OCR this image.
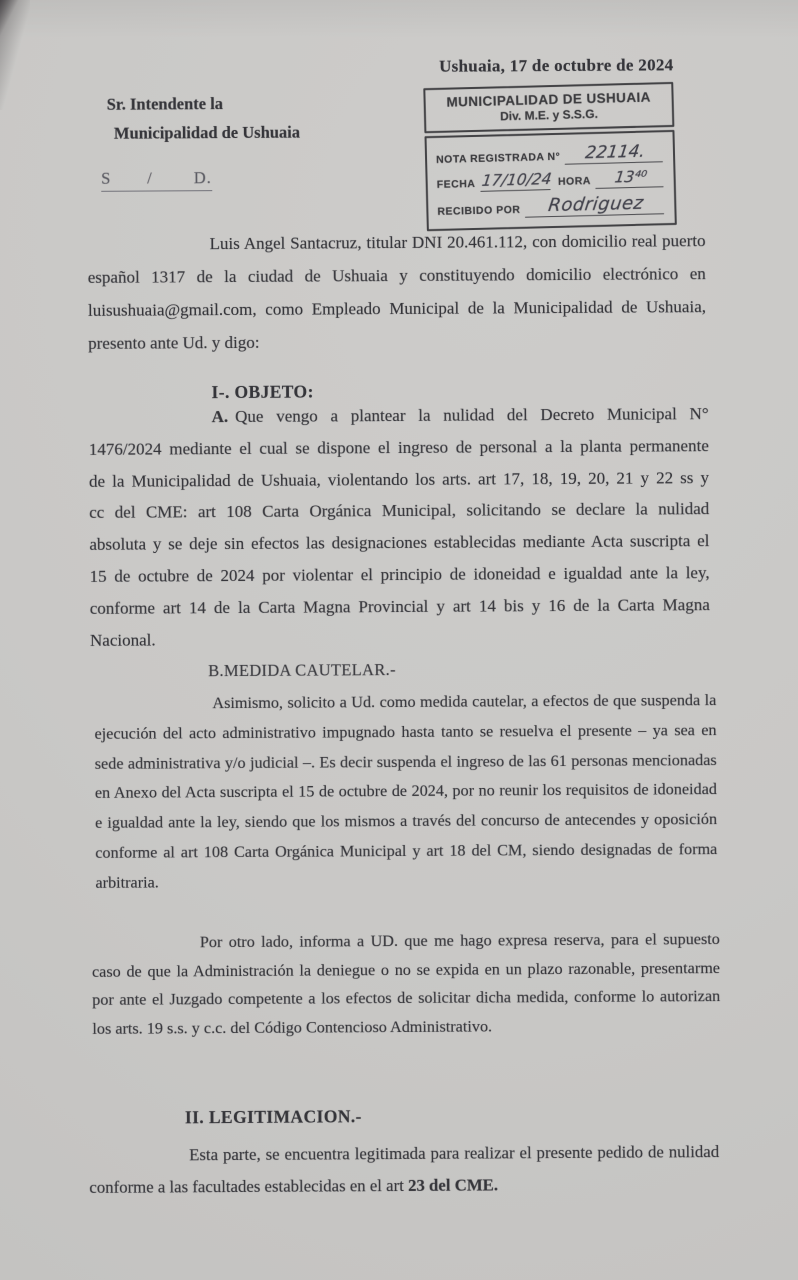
Ushuaia, 17 de octubre de 2024
Sr. Intendente la
Municipalidad de Ushuaia
MUNICIPALIDAD DE USHUAIA
Div. M.E. y S.S.G.
NOTA REGISTRADA N°	22114.
FECHA 17/10/24 HORA	13⁴⁰
RECIBIDO POR	Rodriguez
S       /        D.

Luis Angel Santacruz, titular DNI 20.461.112, con domicilio real puerto español 1317 de la ciudad de Ushuaia y constituyendo domicilio electrónico en luisushuaia@gmail.com, como Empleado Municipal de la Municipalidad de Ushuaia, presento ante Ud. y digo:

I-. OBJETO:

A. Que vengo a plantear la nulidad del Decreto Municipal N° 1476/2024 mediante el cual se dispone el ingreso de personal a la planta permanente de la Municipalidad de Ushuaia, violentando los arts. art 17, 18, 19, 20, 21 y 22 ss y cc del CME: art 108 Carta Orgánica Municipal, solicitando se declare la nulidad absoluta y se deje sin efectos las designaciones establecidas mediante Acta suscripta el 15 de octubre de 2024 por violentar el principio de idoneidad e igualdad ante la ley, conforme art 14 de la Carta Magna Provincial y art 14 bis y 16 de la Carta Magna Nacional.

B.MEDIDA CAUTELAR.-

Asimismo, solicito a Ud. como medida cautelar, a efectos de que suspenda la ejecución del acto administrativo impugnado hasta tanto se resuelva el presente – ya sea en sede administrativa y/o judicial –. Es decir suspenda el ingreso de las 61 personas mencionadas en Anexo del Acta suscripta el 15 de octubre de 2024, por no reunir los requisitos de idoneidad e igualdad ante la ley, siendo que los mismos a través del concurso de antecendes y oposición conforme al art 108 Carta Orgánica Municipal y art 18 del CM, siendo designadas de forma arbitraria.

Por otro lado, informa a UD. que me hago expresa reserva, para el supuesto caso de que la Administración la deniegue o no se expida en un plazo razonable, presentarme por ante el Juzgado competente a los efectos de solicitar dicha medida, conforme lo autorizan los arts. 19 s.s. y c.c. del Código Contencioso Administrativo.

II. LEGITIMACION.-

Esta parte, se encuentra legitimada para realizar el presente pedido de nulidad conforme a las facultades establecidas en el art 23 del CME.
